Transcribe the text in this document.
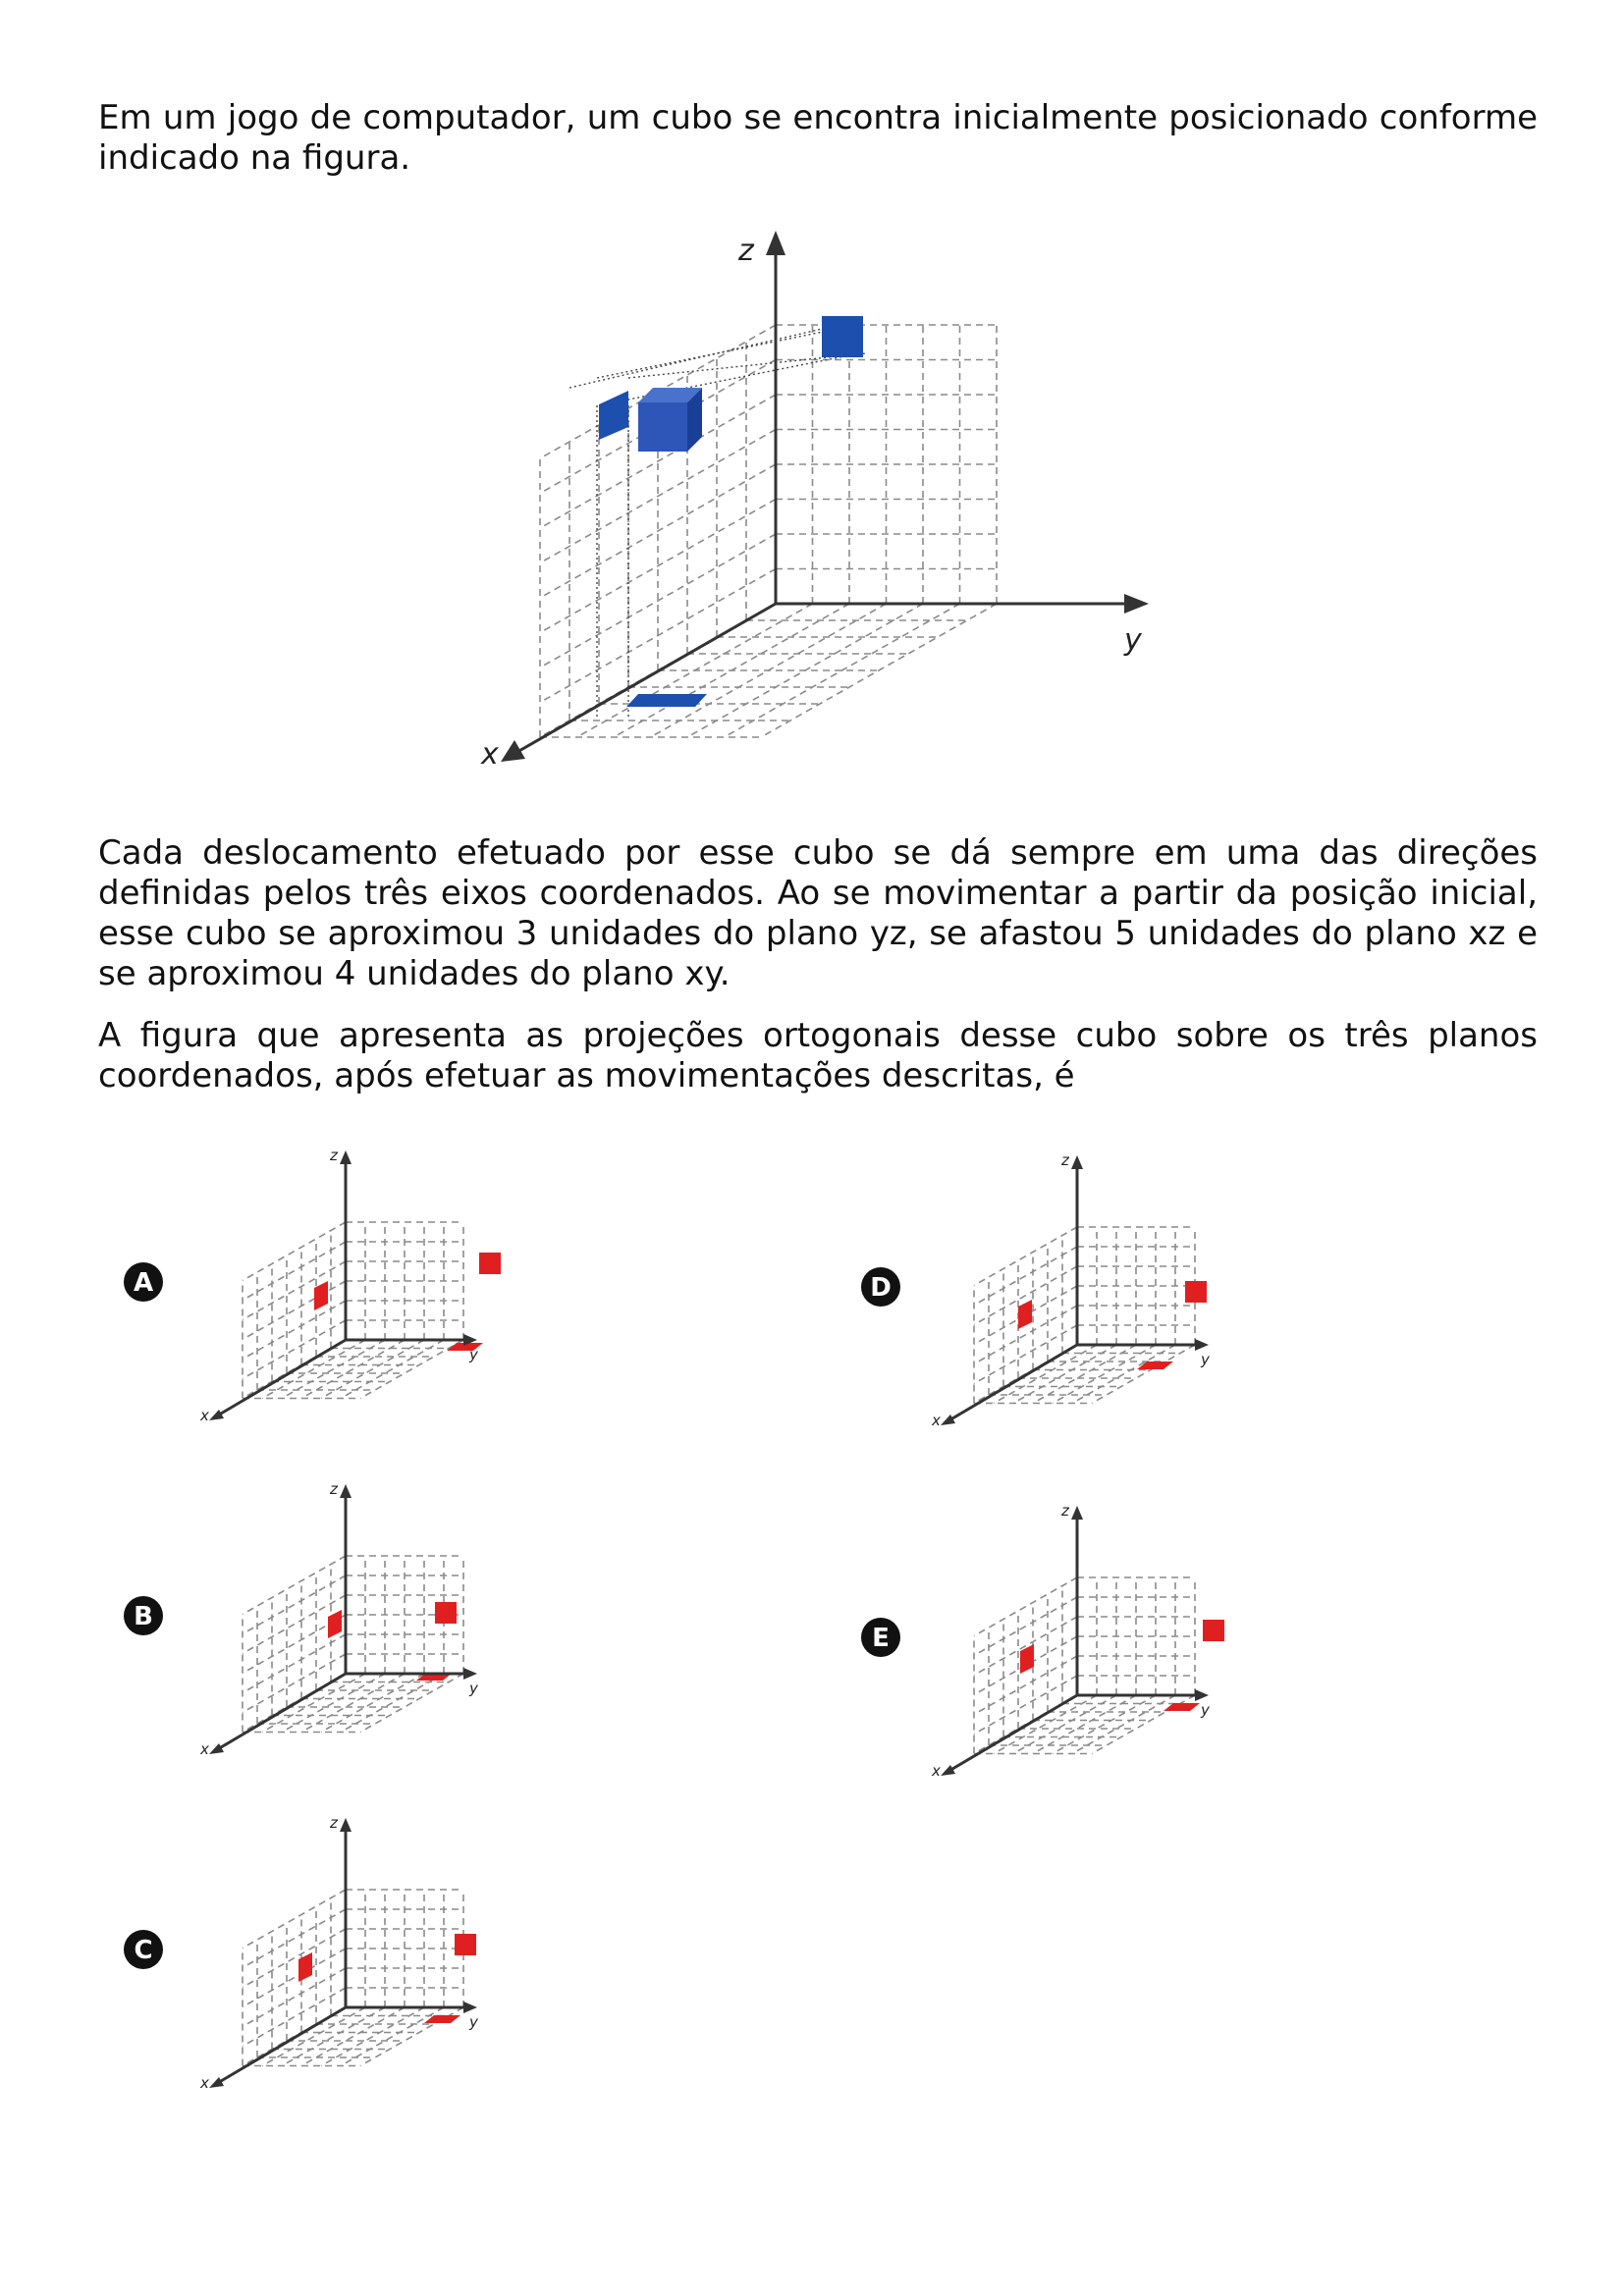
Em um jogo de computador, um cubo se encontra inicialmente posicionado conforme indicado na figura.

z
y
x

Cada deslocamento efetuado por esse cubo se dá sempre em uma das direções definidas pelos três eixos coordenados. Ao se movimentar a partir da posição inicial, esse cubo se aproximou 3 unidades do plano yz, se afastou 5 unidades do plano xz e se aproximou 4 unidades do plano xy.

A figura que apresenta as projeções ortogonais desse cubo sobre os três planos coordenados, após efetuar as movimentações descritas, é

z
y
x
A
z
y
x
B
z
y
x
C
z
y
x
D
z
y
x
E
